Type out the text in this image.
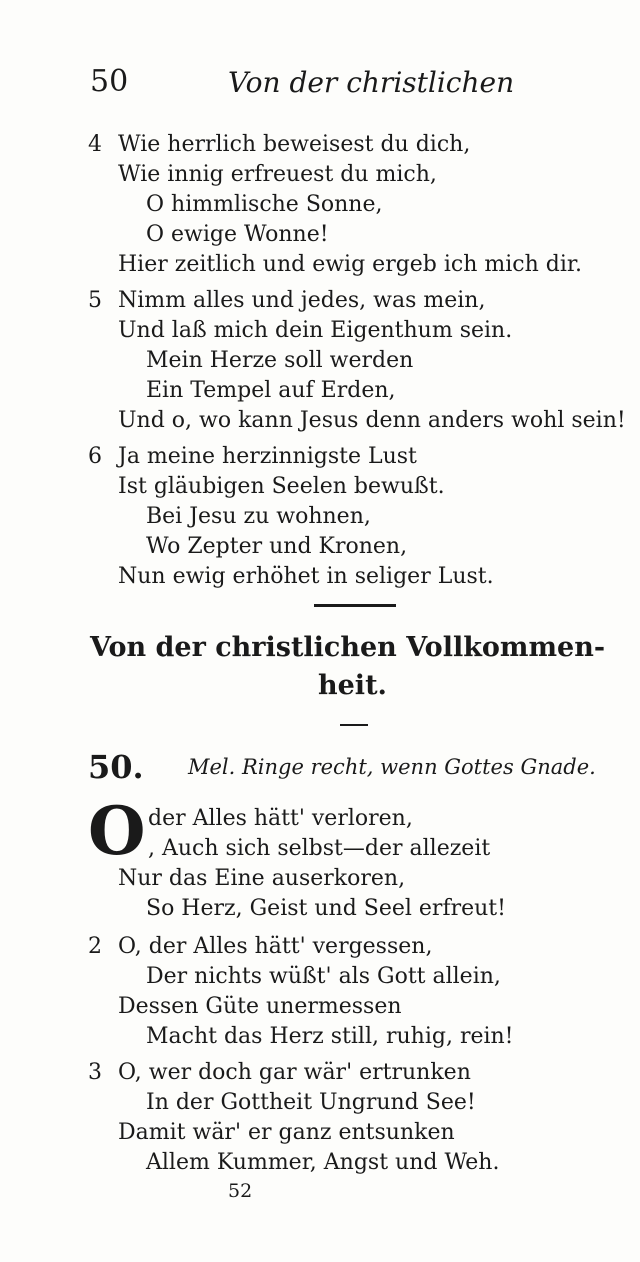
50	Von der christlichen
4 Wie herrlich beweisest du dich,
Wie innig erfreuest du mich,
O himmlische Sonne,
O ewige Wonne!
Hier zeitlich und ewig ergeb ich mich dir.
5 Nimm alles und jedes, was mein,
Und laß mich dein Eigenthum sein.
Mein Herze soll werden
Ein Tempel auf Erden,
Und o, wo kann Jesus denn anders wohl sein!
6 Ja meine herzinnigste Lust
Ist gläubigen Seelen bewußt.
Bei Jesu zu wohnen,
Wo Zepter und Kronen,
Nun ewig erhöhet in seliger Lust.
Von der christlichen Vollkommen-
heit.
50. Mel. Ringe recht, wenn Gottes Gnade.
O der Alles hätt' verloren,
, Auch sich selbst—der allezeit
Nur das Eine auserkoren,
So Herz, Geist und Seel erfreut!
2 O, der Alles hätt' vergessen,
Der nichts wüßt' als Gott allein,
Dessen Güte unermessen
Macht das Herz still, ruhig, rein!
3 O, wer doch gar wär' ertrunken
In der Gottheit Ungrund See!
Damit wär' er ganz entsunken
Allem Kummer, Angst und Weh.
52
